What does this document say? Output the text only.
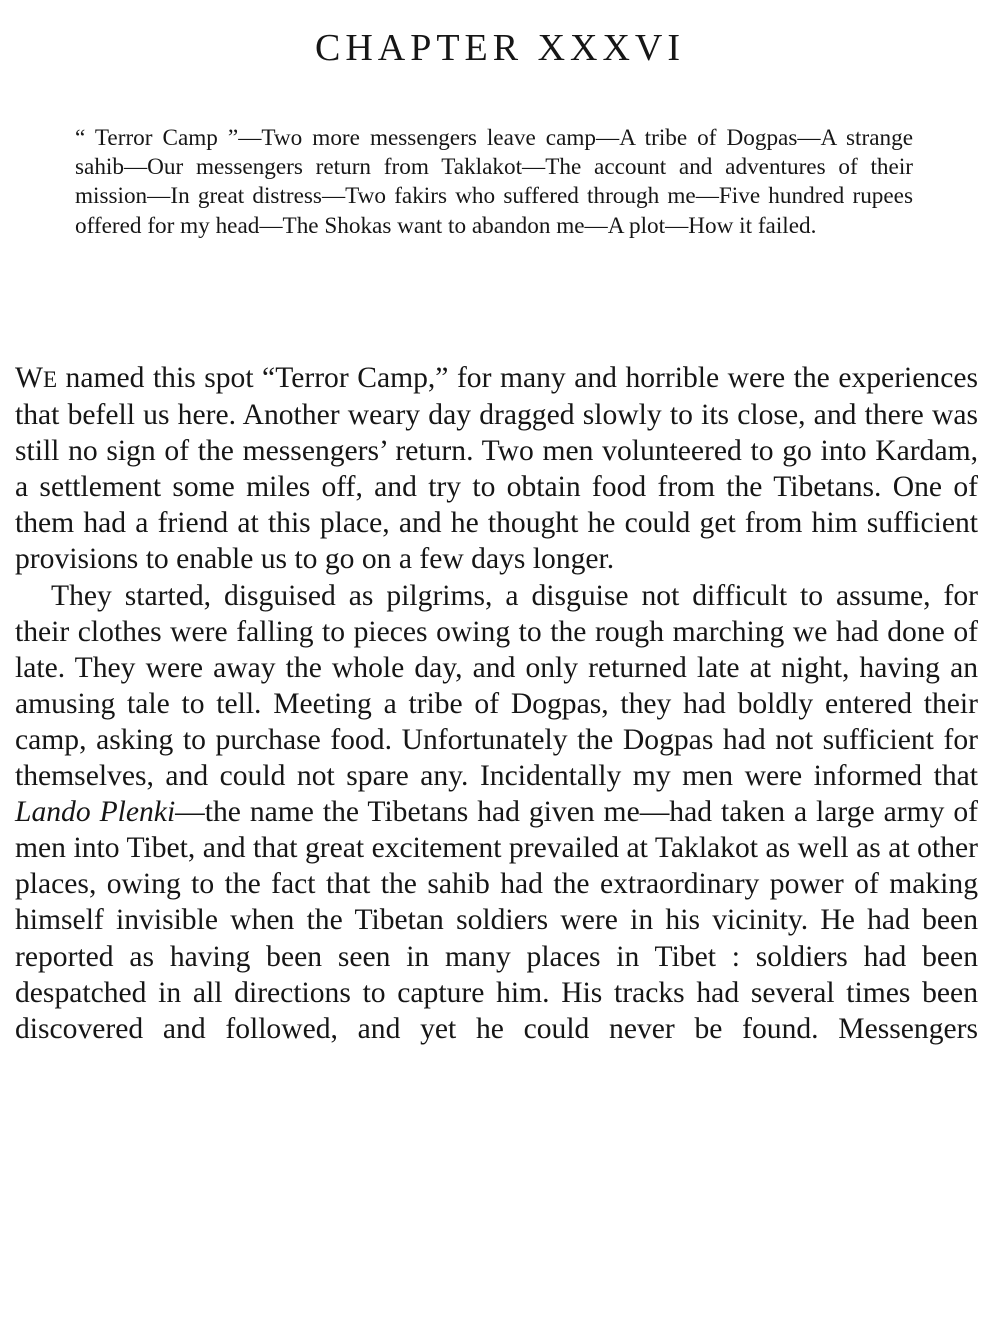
CHAPTER XXXVI

“ Terror Camp ”—Two more messengers leave camp—A tribe of Dogpas—A strange sahib—Our messengers return from Taklakot—The account and adventures of their mission—In great distress—Two fakirs who suffered through me—Five hundred rupees offered for my head—The Shokas want to abandon me—A plot—How it failed.

WE named this spot “Terror Camp,” for many and horrible were the experiences that befell us here. Another weary day dragged slowly to its close, and there was still no sign of the messengers’ return. Two men volunteered to go into Kardam, a settlement some miles off, and try to obtain food from the Tibetans. One of them had a friend at this place, and he thought he could get from him sufficient provisions to enable us to go on a few days longer.

They started, disguised as pilgrims, a disguise not difficult to assume, for their clothes were falling to pieces owing to the rough marching we had done of late. They were away the whole day, and only returned late at night, having an amusing tale to tell. Meeting a tribe of Dogpas, they had boldly entered their camp, asking to purchase food. Unfortunately the Dogpas had not sufficient for themselves, and could not spare any. Incidentally my men were informed that Lando Plenki—the name the Tibetans had given me—had taken a large army of men into Tibet, and that great excitement prevailed at Taklakot as well as at other places, owing to the fact that the sahib had the extraordinary power of making himself invisible when the Tibetan soldiers were in his vicinity. He had been reported as having been seen in many places in Tibet : soldiers had been despatched in all directions to capture him. His tracks had several times been discovered and followed, and yet he could never be found. Messengers
